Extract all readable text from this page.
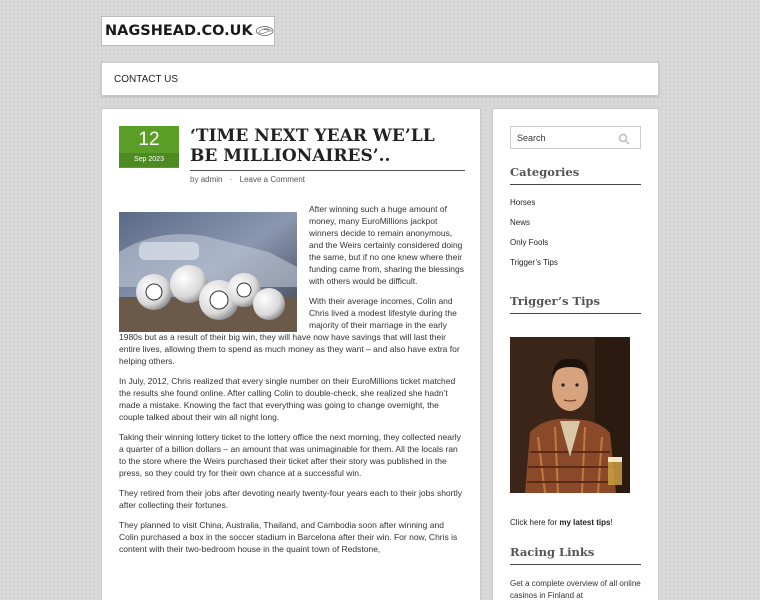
NAGSHEAD.CO.UK
CONTACT US
12
Sep 2023
‘TIME NEXT YEAR WE’LL BE MILLIONAIRES’..
by admin · Leave a Comment

After winning such a huge amount of money, many EuroMillions jackpot winners decide to remain anonymous, and the Weirs certainly considered doing the same, but if no one knew where their funding came from, sharing the blessings with others would be difficult.

With their average incomes, Colin and Chris lived a modest lifestyle during the majority of their marriage in the early 1980s but as a result of their big win, they will have now have savings that will last their entire lives, allowing them to spend as much money as they want – and also have extra for helping others.

In July, 2012, Chris realized that every single number on their EuroMillions ticket matched the results she found online. After calling Colin to double-check, she realized she hadn’t made a mistake. Knowing the fact that everything was going to change overnight, the couple talked about their win all night long.

Taking their winning lottery ticket to the lottery office the next morning, they collected nearly a quarter of a billion dollars – an amount that was unimaginable for them. All the locals ran to the store where the Weirs purchased their ticket after their story was published in the press, so they could try for their own chance at a successful win.

They retired from their jobs after devoting nearly twenty-four years each to their jobs shortly after collecting their fortunes.

They planned to visit China, Australia, Thailand, and Cambodia soon after winning and Colin purchased a box in the soccer stadium in Barcelona after their win. For now, Chris is content with their two-bedroom house in the quaint town of Redstone,

Search
Categories
Horses
News
Only Fools
Trigger’s Tips
Trigger’s Tips
Click here for my latest tips!
Racing Links
Get a complete overview of all online casinos in Finland at
